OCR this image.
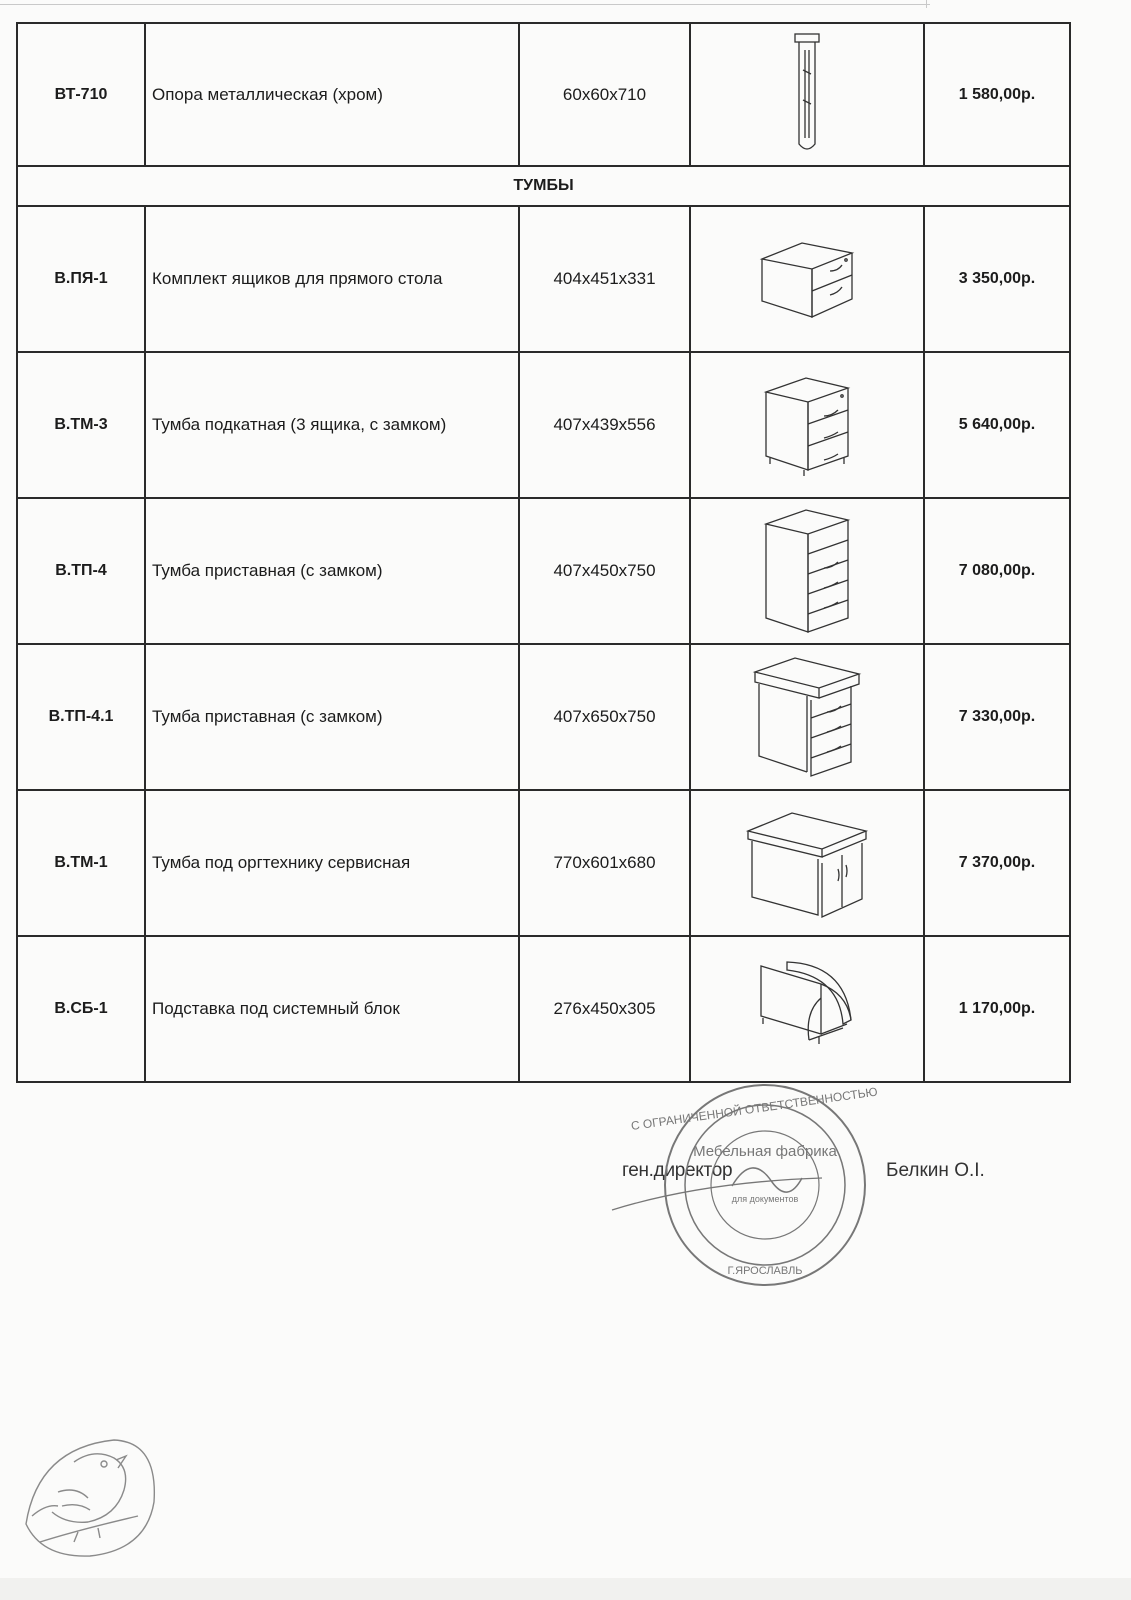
ВТ-710	Опора металлическая (хром)	60х60х710		1 580,00р.
ТУМБЫ				
В.ПЯ-1	Комплект ящиков для прямого стола	404х451х331		3 350,00р.
В.ТМ-3	Тумба подкатная (3 ящика, с замком)	407х439х556		5 640,00р.
В.ТП-4	Тумба приставная (с замком)	407х450х750		7 080,00р.
В.ТП-4.1	Тумба приставная (с замком)	407х650х750		7 330,00р.
В.ТМ-1	Тумба под оргтехнику сервисная	770х601х680		7 370,00р.
В.СБ-1	Подставка под системный блок	276х450х305		1 170,00р.
ген.директор	Белкин О.І.
С ОГРАНИЧЕННОЙ ОТВЕТСТВЕННОСТЬЮ
Мебельная фабрика
для документов
Г.ЯРОСЛАВЛЬ
